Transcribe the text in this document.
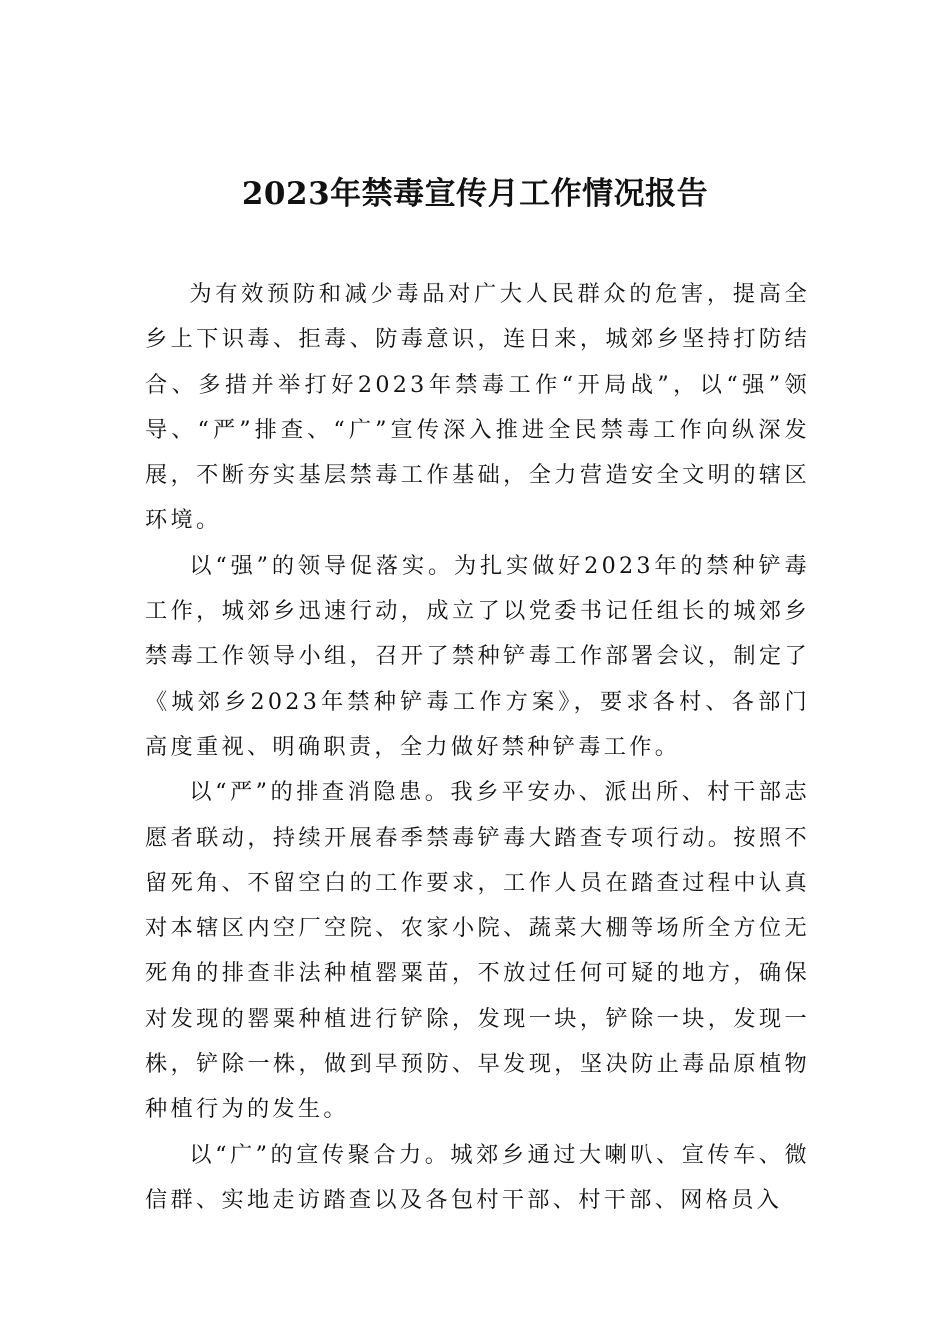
2023年禁毒宣传月工作情况报告

为有效预防和减少毒品对广大人民群众的危害，提高全乡上下识毒、拒毒、防毒意识，连日来，城郊乡坚持打防结合、多措并举打好2023年禁毒工作“开局战”，以“强”领导、“严”排查、“广”宣传深入推进全民禁毒工作向纵深发展，不断夯实基层禁毒工作基础，全力营造安全文明的辖区环境。

以“强”的领导促落实。为扎实做好2023年的禁种铲毒工作，城郊乡迅速行动，成立了以党委书记任组长的城郊乡禁毒工作领导小组，召开了禁种铲毒工作部署会议，制定了《城郊乡2023年禁种铲毒工作方案》，要求各村、各部门高度重视、明确职责，全力做好禁种铲毒工作。

以“严”的排查消隐患。我乡平安办、派出所、村干部志愿者联动，持续开展春季禁毒铲毒大踏查专项行动。按照不留死角、不留空白的工作要求，工作人员在踏查过程中认真对本辖区内空厂空院、农家小院、蔬菜大棚等场所全方位无死角的排查非法种植罂粟苗，不放过任何可疑的地方，确保对发现的罂粟种植进行铲除，发现一块，铲除一块，发现一株，铲除一株，做到早预防、早发现，坚决防止毒品原植物种植行为的发生。

以“广”的宣传聚合力。城郊乡通过大喇叭、宣传车、微信群、实地走访踏查以及各包村干部、村干部、网格员入
